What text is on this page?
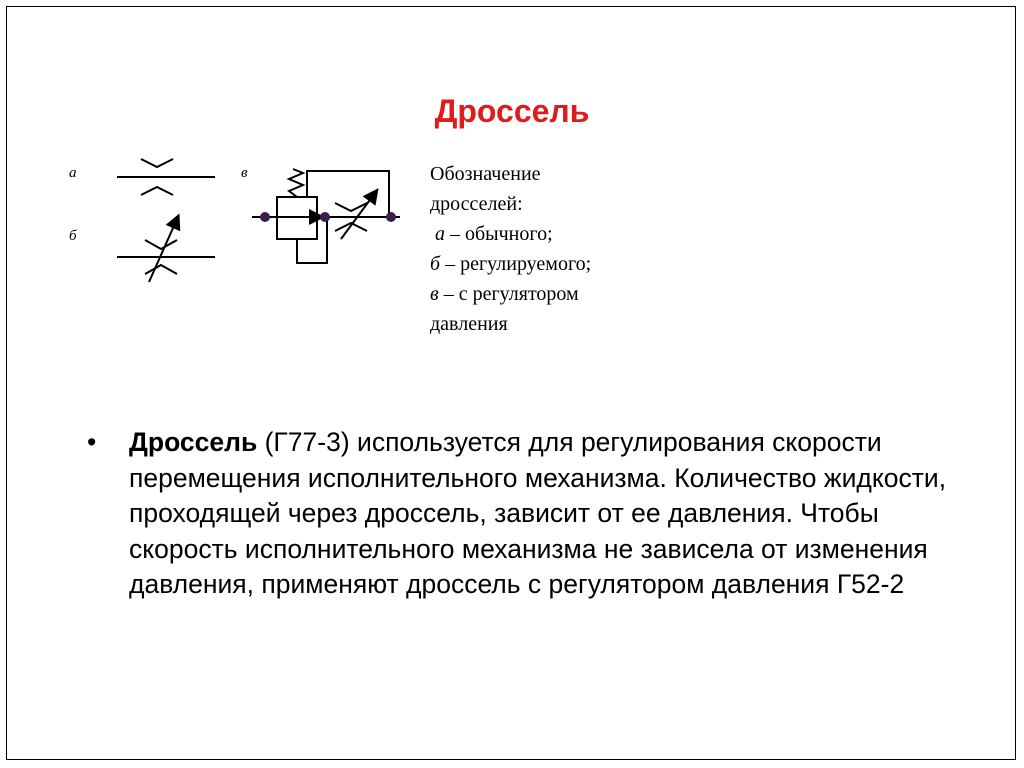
Дроссель
а
б
в	Обозначение
дросселей:
а – обычного;
б – регулируемого;
в – с регулятором
давления
• Дроссель (Г77-3) используется для регулирования скорости перемещения исполнительного механизма. Количество жидкости, проходящей через дроссель, зависит от ее давления. Чтобы скорость исполнительного механизма не зависела от изменения давления, применяют дроссель с регулятором давления Г52-2
